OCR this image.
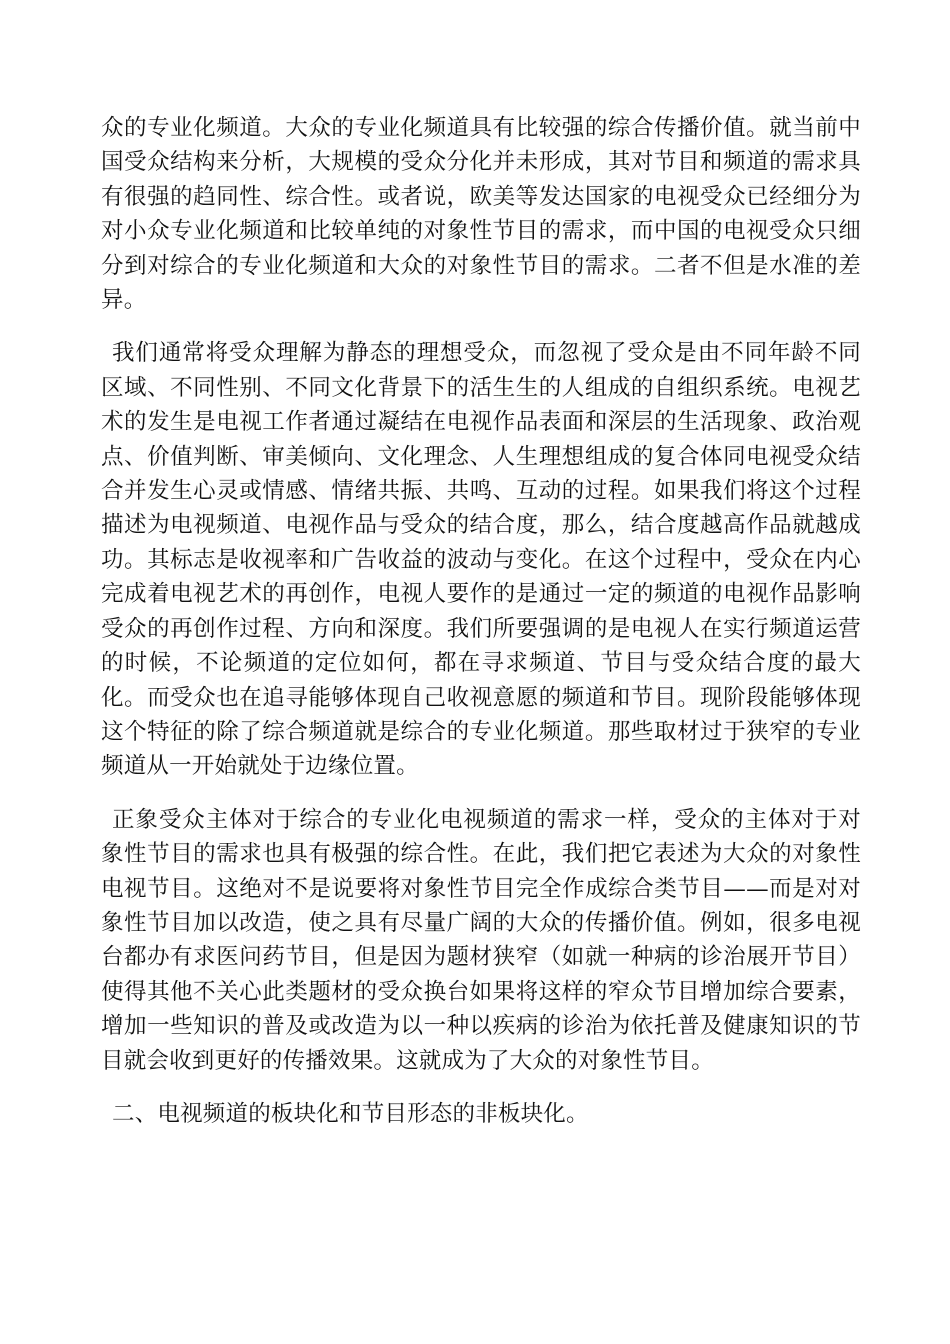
众的专业化频道。大众的专业化频道具有比较强的综合传播价值。就当前中国受众结构来分析，大规模的受众分化并未形成，其对节目和频道的需求具有很强的趋同性、综合性。或者说，欧美等发达国家的电视受众已经细分为对小众专业化频道和比较单纯的对象性节目的需求，而中国的电视受众只细分到对综合的专业化频道和大众的对象性节目的需求。二者不但是水准的差异。

我们通常将受众理解为静态的理想受众，而忽视了受众是由不同年龄不同区域、不同性别、不同文化背景下的活生生的人组成的自组织系统。电视艺术的发生是电视工作者通过凝结在电视作品表面和深层的生活现象、政治观点、价值判断、审美倾向、文化理念、人生理想组成的复合体同电视受众结合并发生心灵或情感、情绪共振、共鸣、互动的过程。如果我们将这个过程描述为电视频道、电视作品与受众的结合度，那么，结合度越高作品就越成功。其标志是收视率和广告收益的波动与变化。在这个过程中，受众在内心完成着电视艺术的再创作，电视人要作的是通过一定的频道的电视作品影响受众的再创作过程、方向和深度。我们所要强调的是电视人在实行频道运营的时候，不论频道的定位如何，都在寻求频道、节目与受众结合度的最大化。而受众也在追寻能够体现自己收视意愿的频道和节目。现阶段能够体现这个特征的除了综合频道就是综合的专业化频道。那些取材过于狭窄的专业频道从一开始就处于边缘位置。

正象受众主体对于综合的专业化电视频道的需求一样，受众的主体对于对象性节目的需求也具有极强的综合性。在此，我们把它表述为大众的对象性电视节目。这绝对不是说要将对象性节目完全作成综合类节目——而是对对象性节目加以改造，使之具有尽量广阔的大众的传播价值。例如，很多电视台都办有求医问药节目，但是因为题材狭窄（如就一种病的诊治展开节目）使得其他不关心此类题材的受众换台如果将这样的窄众节目增加综合要素，增加一些知识的普及或改造为以一种以疾病的诊治为依托普及健康知识的节目就会收到更好的传播效果。这就成为了大众的对象性节目。

二、电视频道的板块化和节目形态的非板块化。
